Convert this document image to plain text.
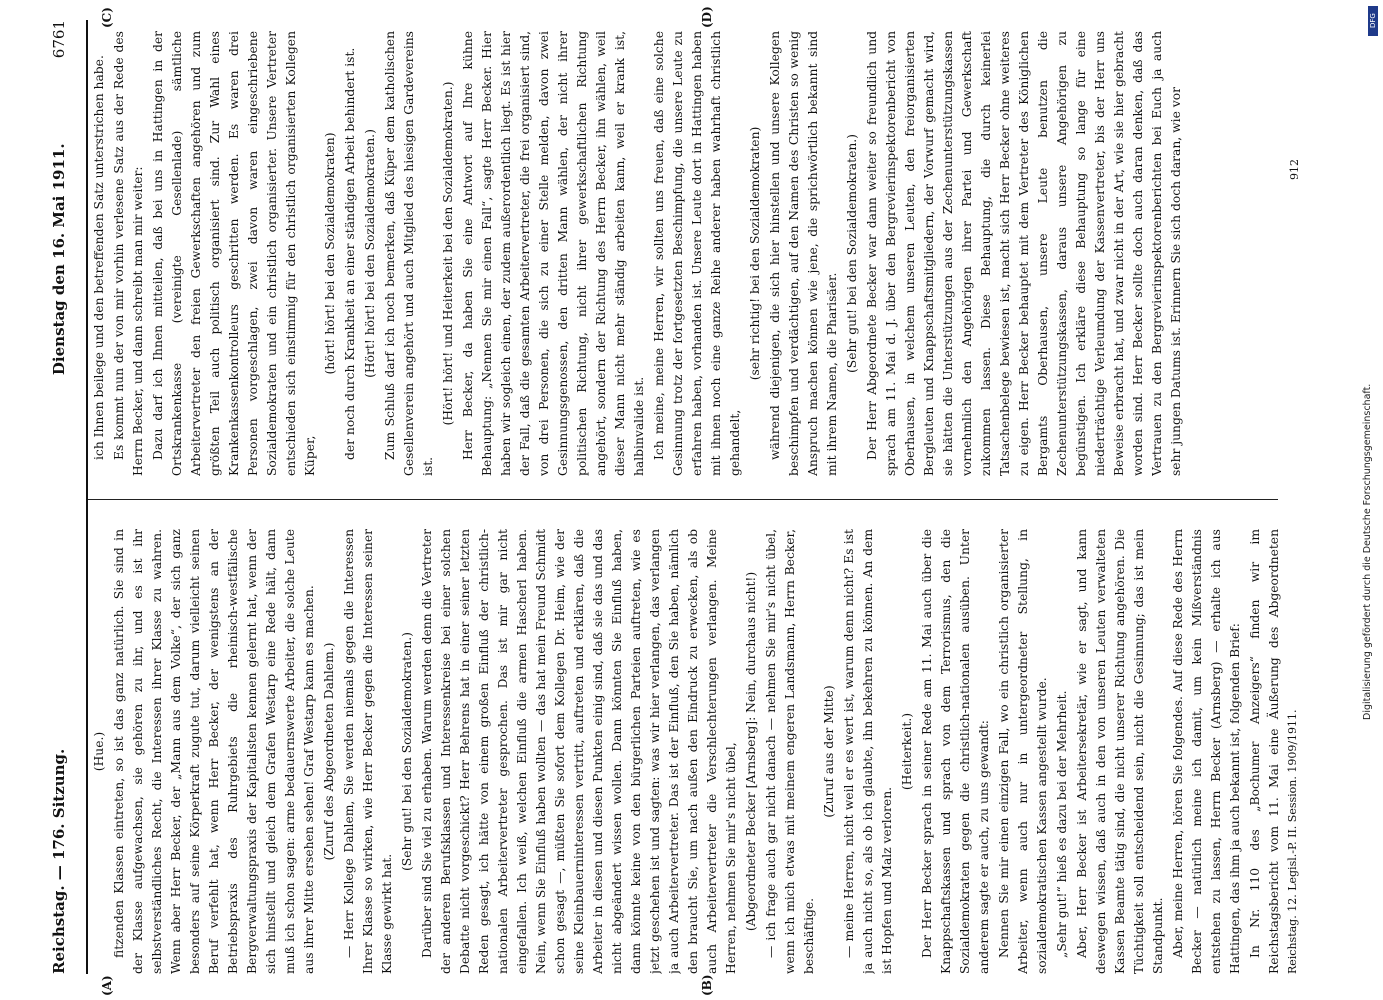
Reichstag. — 176. Sitzung.
Dienstag den 16. Mai 1911. 6761
(A)	(B)
(C)	(D)

(Hue.) fitzenden Klassen eintreten, so ist das ganz natürlich. Sie sind in der Klasse aufgewachsen, sie gehören zu ihr, und es ist ihr selbstverständliches Recht, die Interessen ihrer Klasse zu wahren. Wenn aber Herr Becker, der „Mann aus dem Volke“, der sich ganz besonders auf seine Körperkraft zugute tut, darum vielleicht seinen Beruf verfehlt hat, wenn Herr Becker, der wenigstens an der Betriebspraxis des Ruhrgebiets die rheinisch-westfälische Bergverwaltungspraxis der Kapitalisten kennen gelernt hat, wenn der sich hinstellt und gleich dem Grafen Westarp eine Rede hält, dann muß ich schon sagen: arme bedauernswerte Arbeiter, die solche Leute aus ihrer Mitte ersehen sehen! Graf Westarp kann es machen. (Zuruf des Abgeordneten Dahlem.) — Herr Kollege Dahlem, Sie werden niemals gegen die Interessen Ihrer Klasse so wirken, wie Herr Becker gegen die Interessen seiner Klasse gewirkt hat.

(Sehr gut! bei den Sozialdemokraten.) Darüber sind Sie viel zu erhaben. Warum werden denn die Vertreter der anderen Berufsklassen und Interessenkreise bei einer solchen Debatte nicht vorgeschickt? Herr Behrens hat in einer seiner letzten Reden gesagt, ich hätte von einem großen Einfluß der christlich-nationalen Arbeitervertreter gesprochen. Das ist mir gar nicht eingefallen. Ich weiß, welchen Einfluß die armen Hascherl haben. Nein, wenn Sie Einfluß haben wollten — das hat mein Freund Schmidt schon gesagt —, müßten Sie sofort dem Kollegen Dr. Heim, wie der seine Kleinbauerninteressen vertritt, auftreten und erklären, daß die Arbeiter in diesen und diesen Punkten einig sind, daß sie das und das nicht abgeändert wissen wollen. Dann könnten Sie Einfluß haben, dann könnte keine von den bürgerlichen Parteien auftreten, wie es jetzt geschehen ist und sagten: was wir hier verlangen, das verlangen ja auch Arbeitervertreter. Das ist der Einfluß, den Sie haben, nämlich den braucht Sie, um nach außen den Eindruck zu erwecken, als ob auch Arbeitervertreter die Verschlechterungen verlangen. Meine Herren, nehmen Sie mir's nicht übel, (Abgeordneter Becker [Arnsberg]: Nein, durchaus nicht!) — ich frage auch gar nicht danach — nehmen Sie mir's nicht übel, wenn ich mich etwas mit meinem engeren Landsmann, Herrn Becker, beschäftige.

(Zuruf aus der Mitte) — meine Herren, nicht weil er es wert ist, warum denn nicht? Es ist ja auch nicht so, als ob ich glaubte, ihn bekehren zu können. An dem ist Hopfen und Malz verloren.

(Heiterkeit.) Der Herr Becker sprach in seiner Rede am 11. Mai auch über die Knappschaftskassen und sprach von dem Terrorismus, den die Sozialdemokraten gegen die christlich-nationalen ausüben. Unter anderem sagte er auch, zu uns gewandt: Nennen Sie mir einen einzigen Fall, wo ein christlich organisierter Arbeiter, wenn auch nur in untergeordneter Stellung, in sozialdemokratischen Kassen angestellt wurde. „Sehr gut!“ hieß es dazu bei der Mehrheit. Aber, Herr Becker ist Arbeitersekretär, wie er sagt, und kann deswegen wissen, daß auch in den von unseren Leuten verwalteten Kassen Beamte tätig sind, die nicht unserer Richtung angehören. Die Tüchtigkeit soll entscheidend sein, nicht die Gesinnung; das ist mein Standpunkt. Aber, meine Herren, hören Sie folgendes. Auf diese Rede des Herrn Becker — natürlich meine ich damit, um kein Mißverständnis entstehen zu lassen, Herrn Becker (Arnsberg) — erhalte ich aus Hattingen, das ihm ja auch bekannt ist, folgenden Brief: In Nr. 110 des „Bochumer Anzeigers“ finden wir im Reichstagsbericht vom 11. Mai eine Äußerung des Abgeordneten

ich Ihnen beilege und den betreffenden Satz unterstrichen habe. Es kommt nun der von mir vorhin verlesene Satz aus der Rede des Herrn Becker, und dann schreibt man mir weiter: Dazu darf ich Ihnen mitteilen, daß bei uns in Hattingen in der Ortskrankenkasse (vereinigte Gesellenlade) sämtliche Arbeitervertreter den freien Gewerkschaften angehören und zum größten Teil auch politisch organisiert sind. Zur Wahl eines Krankenkassenkontrolleurs geschritten werden. Es waren drei Personen vorgeschlagen, zwei davon waren eingeschriebene Sozialdemokraten und ein christlich organisierter. Unsere Vertreter entschieden sich einstimmig für den christlich organisierten Kollegen Küper,

(hört! hört! bei den Sozialdemokraten) der noch durch Krankheit an einer ständigen Arbeit behindert ist. (Hört! hört! bei den Sozialdemokraten.) Zum Schluß darf ich noch bemerken, daß Küper dem katholischen Gesellenverein angehört und auch Mitglied des hiesigen Gardevereins ist.

(Hört! hört! und Heiterkeit bei den Sozialdemokraten.) Herr Becker, da haben Sie eine Antwort auf Ihre kühne Behauptung: „Nennen Sie mir einen Fall“, sagte Herr Becker. Hier haben wir sogleich einen, der zudem außerordentlich liegt. Es ist hier der Fall, daß die gesamten Arbeitervertreter, die frei organisiert sind, von drei Personen, die sich zu einer Stelle melden, davon zwei Gesinnungsgenossen, den dritten Mann wählen, der nicht ihrer politischen Richtung, nicht ihrer gewerkschaftlichen Richtung angehört, sondern der Richtung des Herrn Becker, ihn wählen, weil dieser Mann nicht mehr ständig arbeiten kann, weil er krank ist, halbinvalide ist. Ich meine, meine Herren, wir sollten uns freuen, daß eine solche Gesinnung trotz der fortgesetzten Beschimpfung, die unsere Leute zu erfahren haben, vorhanden ist. Unsere Leute dort in Hattingen haben mit ihnen noch eine ganze Reihe anderer haben wahrhaft christlich gehandelt,

(sehr richtig! bei den Sozialdemokraten) während diejenigen, die sich hier hinstellen und unsere Kollegen beschimpfen und verdächtigen, auf den Namen des Christen so wenig Anspruch machen können wie jene, die sprichwörtlich bekannt sind mit ihrem Namen, die Pharisäer.

(Sehr gut! bei den Sozialdemokraten.) Der Herr Abgeordnete Becker war dann weiter so freundlich und sprach am 11. Mai d. J. über den Bergrevierinspektorenbericht von Oberhausen, in welchem unseren Leuten, den freiorganisierten Bergleuten und Knappschaftsmitgliedern, der Vorwurf gemacht wird, sie hätten die Unterstützungen aus der Zechenunterstützungskassen vornehmlich den Angehörigen ihrer Partei und Gewerkschaft zukommen lassen. Diese Behauptung, die durch keinerlei Tatsachenbelege bewiesen ist, macht sich Herr Becker ohne weiteres zu eigen. Herr Becker behauptet mit dem Vertreter des Königlichen Bergamts Oberhausen, unsere Leute benutzen die Zechenunterstützungskassen, daraus unsere Angehörigen zu begünstigen. Ich erkläre diese Behauptung so lange für eine niederträchtige Verleumdung der Kassenvertreter, bis der Herr uns Beweise erbracht hat, und zwar nicht in der Art, wie sie hier gebracht worden sind. Herr Becker sollte doch auch daran denken, daß das Vertrauen zu den Bergrevierinspektorenberichten bei Euch ja auch sehr jungen Datums ist. Erinnern Sie sich doch daran, wie vor

Reichstag. 12. Legisl.-P. II. Session. 1909/1911.
912
DFG
Digitalisierung gefördert durch die Deutsche Forschungsgemeinschaft.
